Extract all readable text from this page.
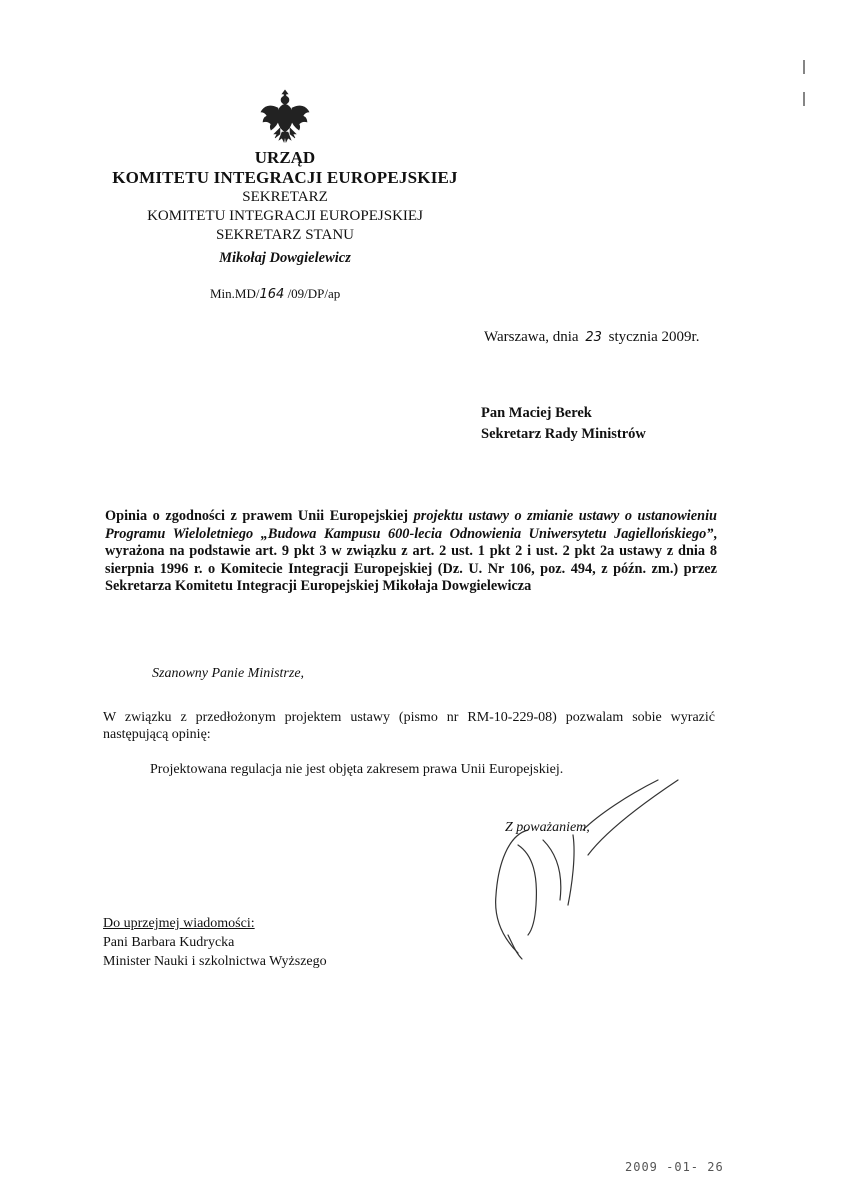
URZĄD
KOMITETU INTEGRACJI EUROPEJSKIEJ
SEKRETARZ
KOMITETU INTEGRACJI EUROPEJSKIEJ
SEKRETARZ STANU
Mikołaj Dowgielewicz
Min.MD/164 /09/DP/ap
Warszawa, dnia 23 stycznia 2009r.
Pan Maciej Berek
Sekretarz Rady Ministrów
Opinia o zgodności z prawem Unii Europejskiej projektu ustawy o zmianie ustawy o ustanowieniu Programu Wieloletniego „Budowa Kampusu 600-lecia Odnowienia Uniwersytetu Jagiellońskiego”, wyrażona na podstawie art. 9 pkt 3 w związku z art. 2 ust. 1 pkt 2 i ust. 2 pkt 2a ustawy z dnia 8 sierpnia 1996 r. o Komitecie Integracji Europejskiej (Dz. U. Nr 106, poz. 494, z późn. zm.) przez Sekretarza Komitetu Integracji Europejskiej Mikołaja Dowgielewicza
Szanowny Panie Ministrze,
W związku z przedłożonym projektem ustawy (pismo nr RM-10-229-08) pozwalam sobie wyrazić następującą opinię:
Projektowana regulacja nie jest objęta zakresem prawa Unii Europejskiej.
Z poważaniem,
Do uprzejmej wiadomości:
Pani Barbara Kudrycka
Minister Nauki i szkolnictwa Wyższego
2009 -01- 26
